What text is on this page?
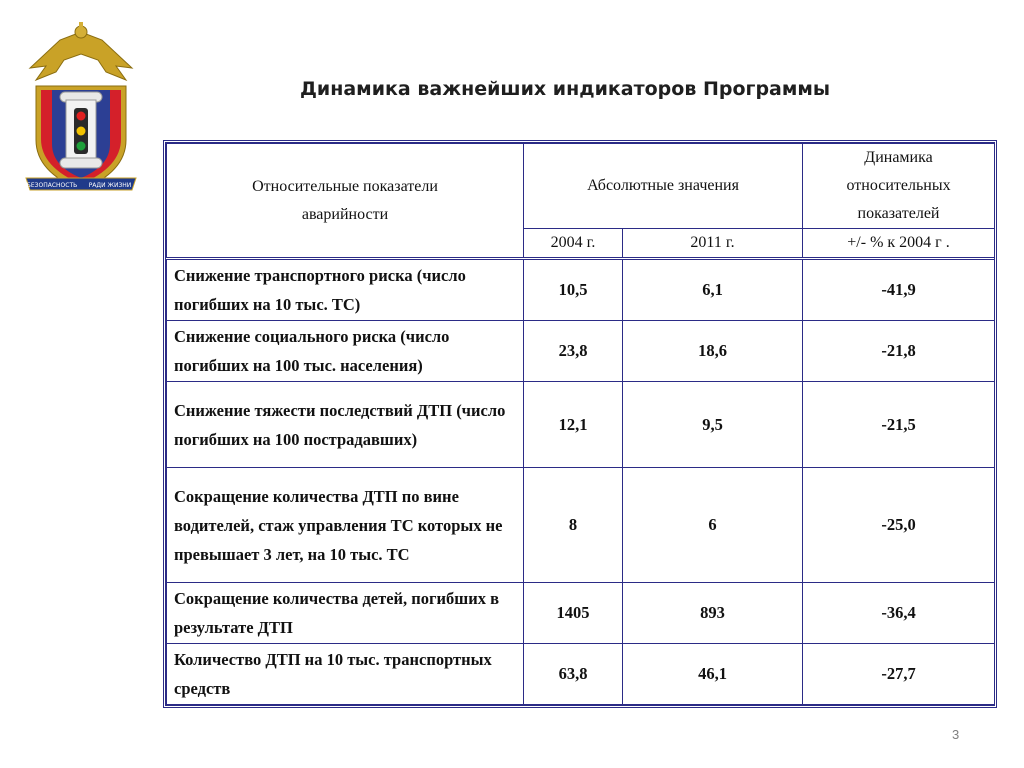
БЕЗОПАСНОСТЬ РАДИ ЖИЗНИ
Динамика важнейших индикаторов Программы
Относительные показатели аварийности	Абсолютные значения		Динамика относительных показателей
	2004 г.	2011 г.	+/- % к 2004 г .
Снижение транспортного риска (число погибших на 10 тыс. ТС)	10,5	6,1	-41,9
Снижение социального риска (число погибших на 100 тыс. населения)	23,8	18,6	-21,8
Снижение тяжести последствий ДТП (число погибших на 100 пострадавших)	12,1	9,5	-21,5
Сокращение количества ДТП по вине водителей, стаж управления ТС которых не превышает 3 лет, на 10 тыс. ТС	8	6	-25,0
Сокращение количества детей, погибших в результате ДТП	1405	893	-36,4
Количество ДТП на 10 тыс. транспортных средств	63,8	46,1	-27,7
3
